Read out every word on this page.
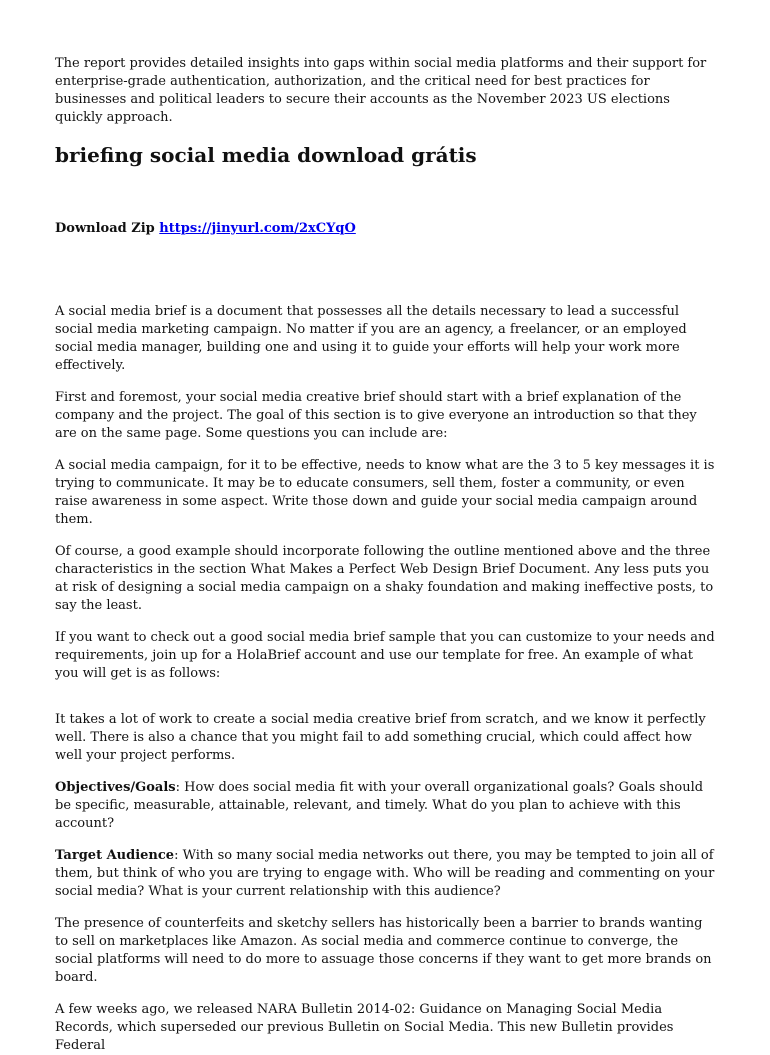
The report provides detailed insights into gaps within social media platforms and their support for enterprise-grade authentication, authorization, and the critical need for best practices for businesses and political leaders to secure their accounts as the November 2023 US elections quickly approach.

briefing social media download grátis
Download Zip https://jinyurl.com/2xCYqO

A social media brief is a document that possesses all the details necessary to lead a successful social media marketing campaign. No matter if you are an agency, a freelancer, or an employed social media manager, building one and using it to guide your efforts will help your work more effectively.

First and foremost, your social media creative brief should start with a brief explanation of the company and the project. The goal of this section is to give everyone an introduction so that they are on the same page. Some questions you can include are:

A social media campaign, for it to be effective, needs to know what are the 3 to 5 key messages it is trying to communicate. It may be to educate consumers, sell them, foster a community, or even raise awareness in some aspect. Write those down and guide your social media campaign around them.

Of course, a good example should incorporate following the outline mentioned above and the three characteristics in the section What Makes a Perfect Web Design Brief Document. Any less puts you at risk of designing a social media campaign on a shaky foundation and making ineffective posts, to say the least.

If you want to check out a good social media brief sample that you can customize to your needs and requirements, join up for a HolaBrief account and use our template for free. An example of what you will get is as follows:

It takes a lot of work to create a social media creative brief from scratch, and we know it perfectly well. There is also a chance that you might fail to add something crucial, which could affect how well your project performs.

Objectives/Goals: How does social media fit with your overall organizational goals? Goals should be specific, measurable, attainable, relevant, and timely. What do you plan to achieve with this account?

Target Audience: With so many social media networks out there, you may be tempted to join all of them, but think of who you are trying to engage with. Who will be reading and commenting on your social media? What is your current relationship with this audience?

The presence of counterfeits and sketchy sellers has historically been a barrier to brands wanting to sell on marketplaces like Amazon. As social media and commerce continue to converge, the social platforms will need to do more to assuage those concerns if they want to get more brands on board.

A few weeks ago, we released NARA Bulletin 2014-02: Guidance on Managing Social Media Records, which superseded our previous Bulletin on Social Media. This new Bulletin provides Federal
